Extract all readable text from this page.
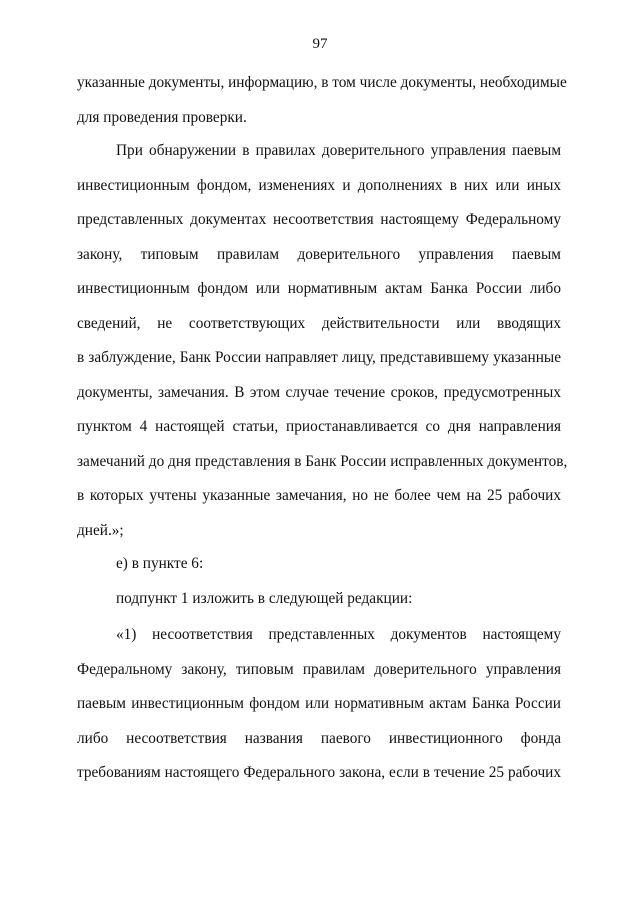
97
указанные документы, информацию, в том числе документы, необходимые
для проведения проверки.
При обнаружении в правилах доверительного управления паевым
инвестиционным фондом, изменениях и дополнениях в них или иных
представленных документах несоответствия настоящему Федеральному
закону, типовым правилам доверительного управления паевым
инвестиционным фондом или нормативным актам Банка России либо
сведений, не соответствующих действительности или вводящих
в заблуждение, Банк России направляет лицу, представившему указанные
документы, замечания. В этом случае течение сроков, предусмотренных
пунктом 4 настоящей статьи, приостанавливается со дня направления
замечаний до дня представления в Банк России исправленных документов,
в которых учтены указанные замечания, но не более чем на 25 рабочих
дней.»;
е) в пункте 6:
подпункт 1 изложить в следующей редакции:
«1) несоответствия представленных документов настоящему
Федеральному закону, типовым правилам доверительного управления
паевым инвестиционным фондом или нормативным актам Банка России
либо несоответствия названия паевого инвестиционного фонда
требованиям настоящего Федерального закона, если в течение 25 рабочих
